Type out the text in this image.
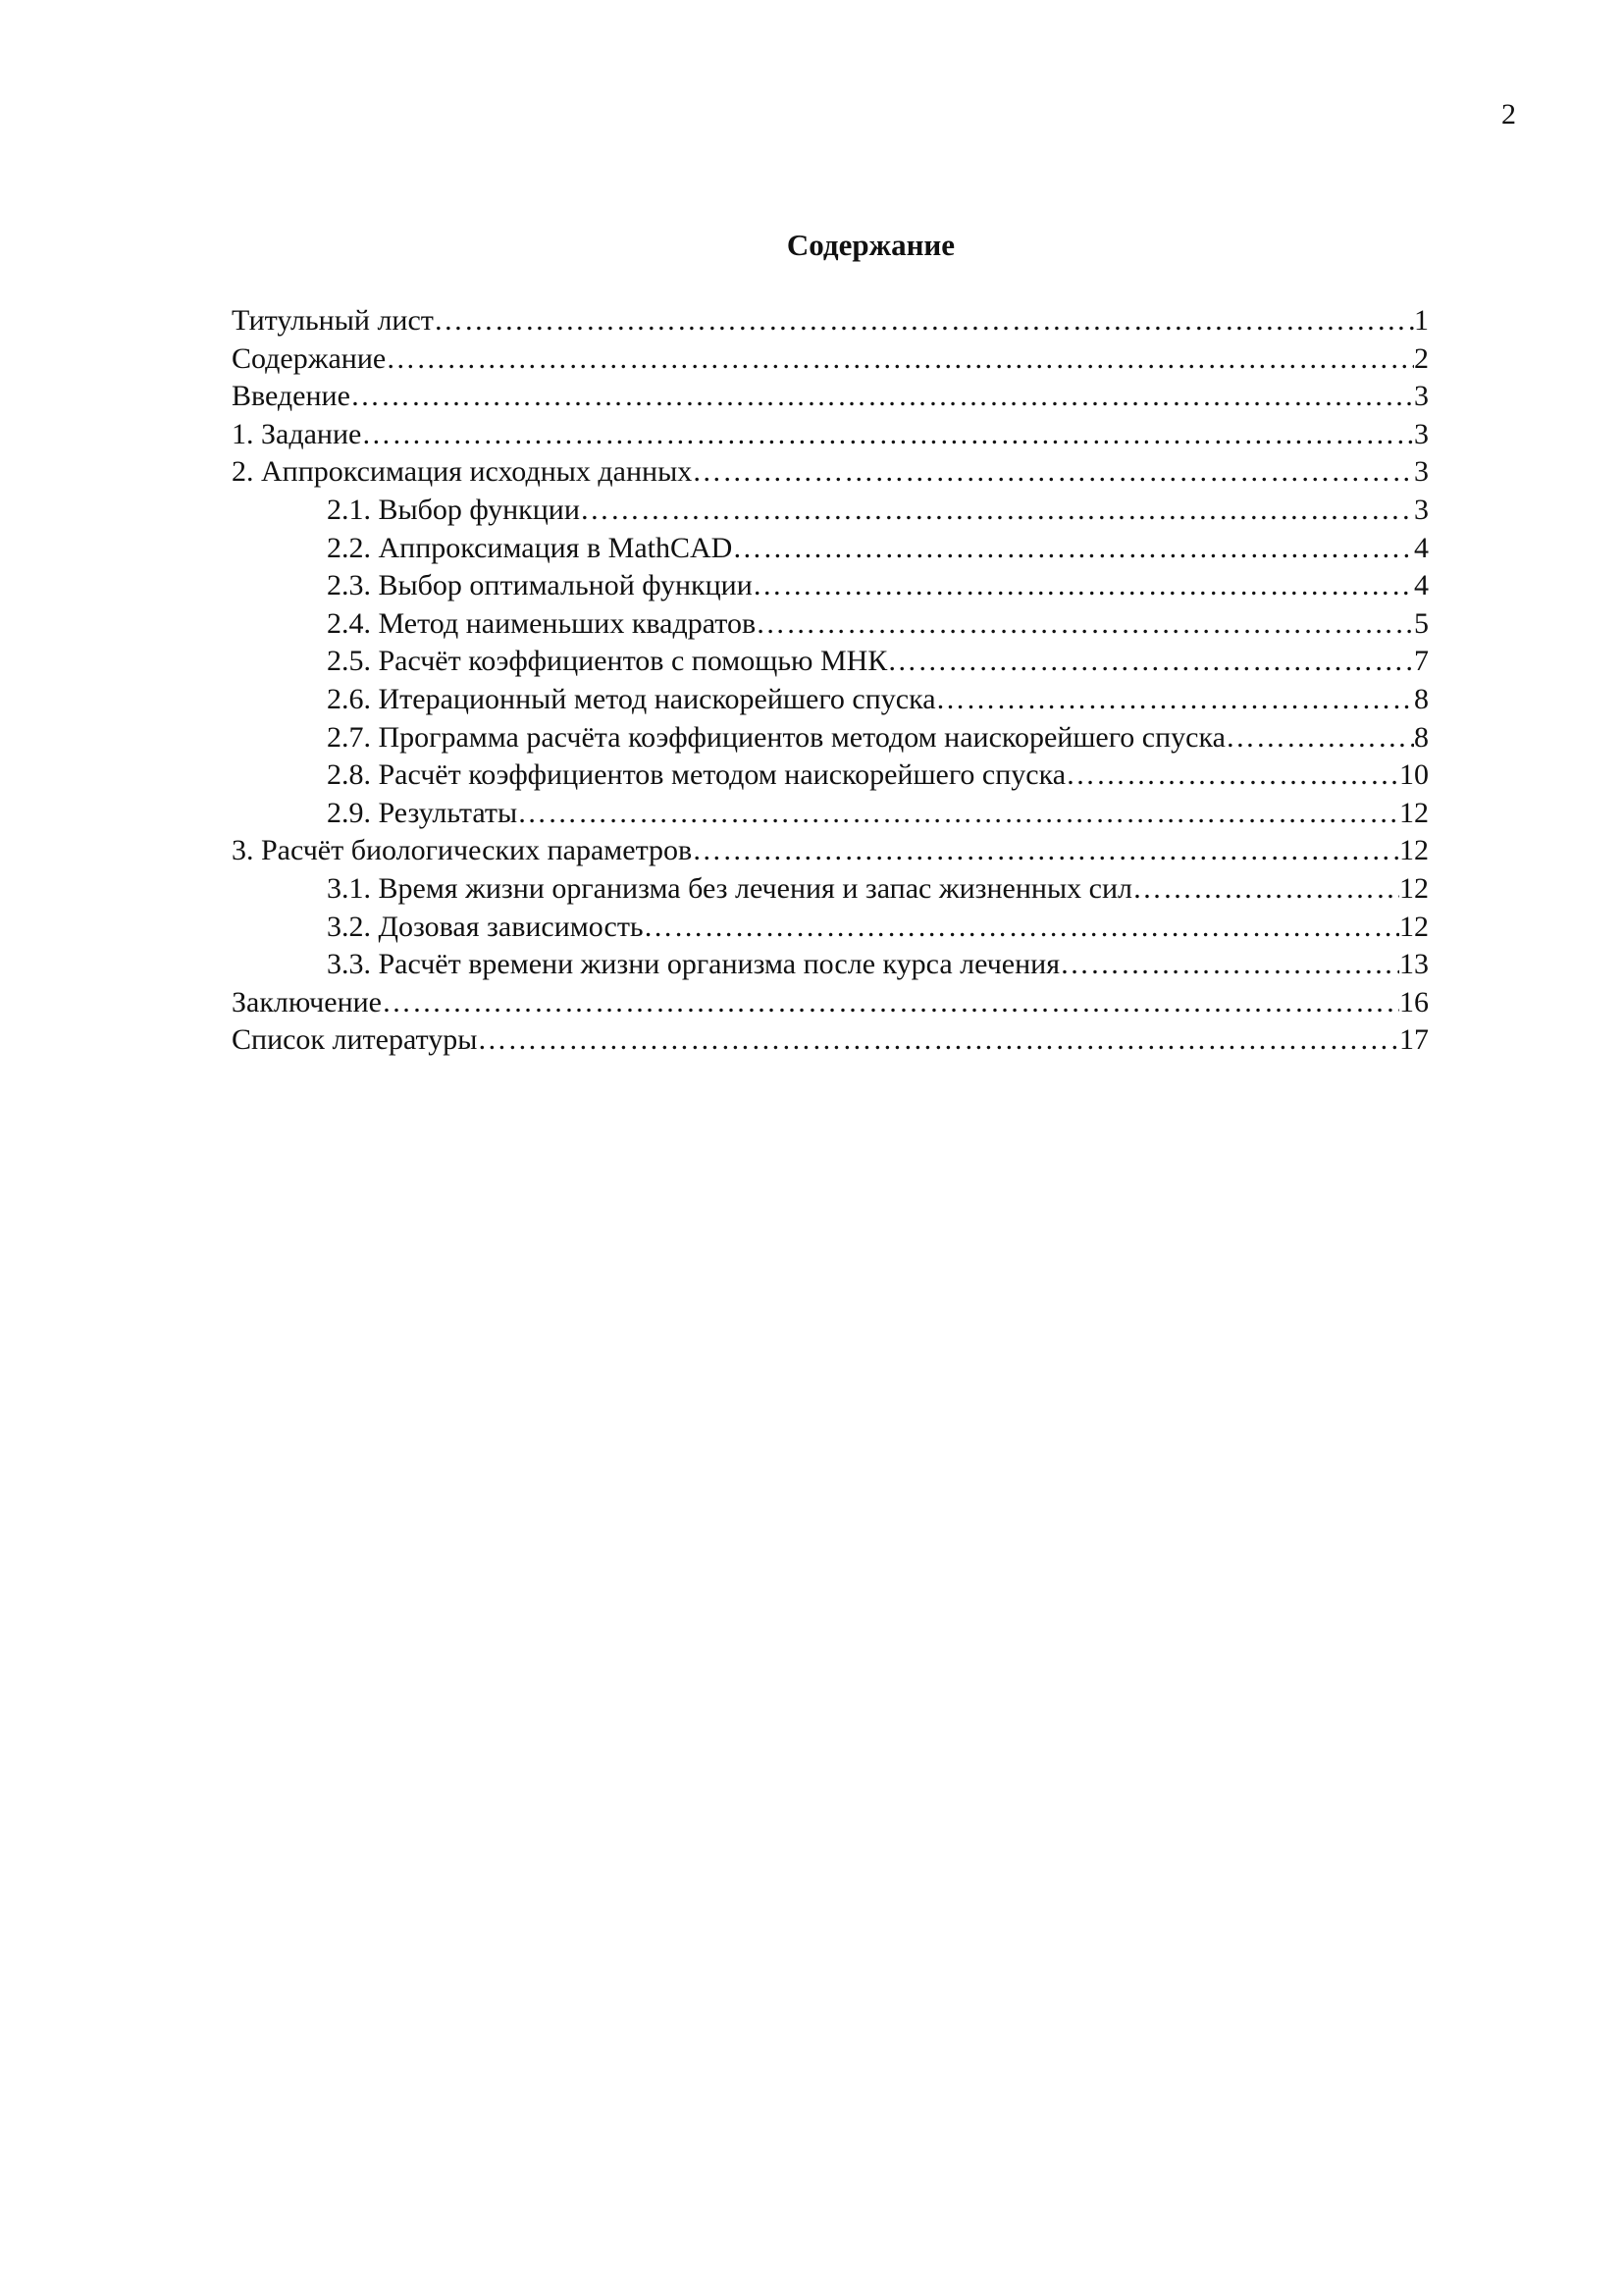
2
Содержание
Титульный лист …………………………………………………………………………………………………………………………………………………………………………………………	1
Содержание …………………………………………………………………………………………………………………………………………………………………………………………	2
Введение …………………………………………………………………………………………………………………………………………………………………………………………	3
1. Задание …………………………………………………………………………………………………………………………………………………………………………………………	3
2. Аппроксимация исходных данных …………………………………………………………………………………………………………………………………………………………………………………………	3
2.1. Выбор функции …………………………………………………………………………………………………………………………………………………………………………………………	3
2.2. Аппроксимация в MathCAD …………………………………………………………………………………………………………………………………………………………………………………………	4
2.3. Выбор оптимальной функции …………………………………………………………………………………………………………………………………………………………………………………………	4
2.4. Метод наименьших квадратов …………………………………………………………………………………………………………………………………………………………………………………………	5
2.5. Расчёт коэффициентов с помощью МНК …………………………………………………………………………………………………………………………………………………………………………………………	7
2.6. Итерационный метод наискорейшего спуска …………………………………………………………………………………………………………………………………………………………………………………………	8
2.7. Программа расчёта коэффициентов методом наискорейшего спуска …………………………………………………………………………………………………………………………………………………………………………………………	8
2.8. Расчёт коэффициентов методом наискорейшего спуска …………………………………………………………………………………………………………………………………………………………………………………………	10
2.9. Результаты …………………………………………………………………………………………………………………………………………………………………………………………	12
3. Расчёт биологических параметров …………………………………………………………………………………………………………………………………………………………………………………………	12
3.1. Время жизни организма без лечения и запас жизненных сил …………………………………………………………………………………………………………………………………………………………………………………………	12
3.2. Дозовая зависимость …………………………………………………………………………………………………………………………………………………………………………………………	12
3.3. Расчёт времени жизни организма после курса лечения …………………………………………………………………………………………………………………………………………………………………………………………	13
Заключение …………………………………………………………………………………………………………………………………………………………………………………………	16
Список литературы …………………………………………………………………………………………………………………………………………………………………………………………	17
